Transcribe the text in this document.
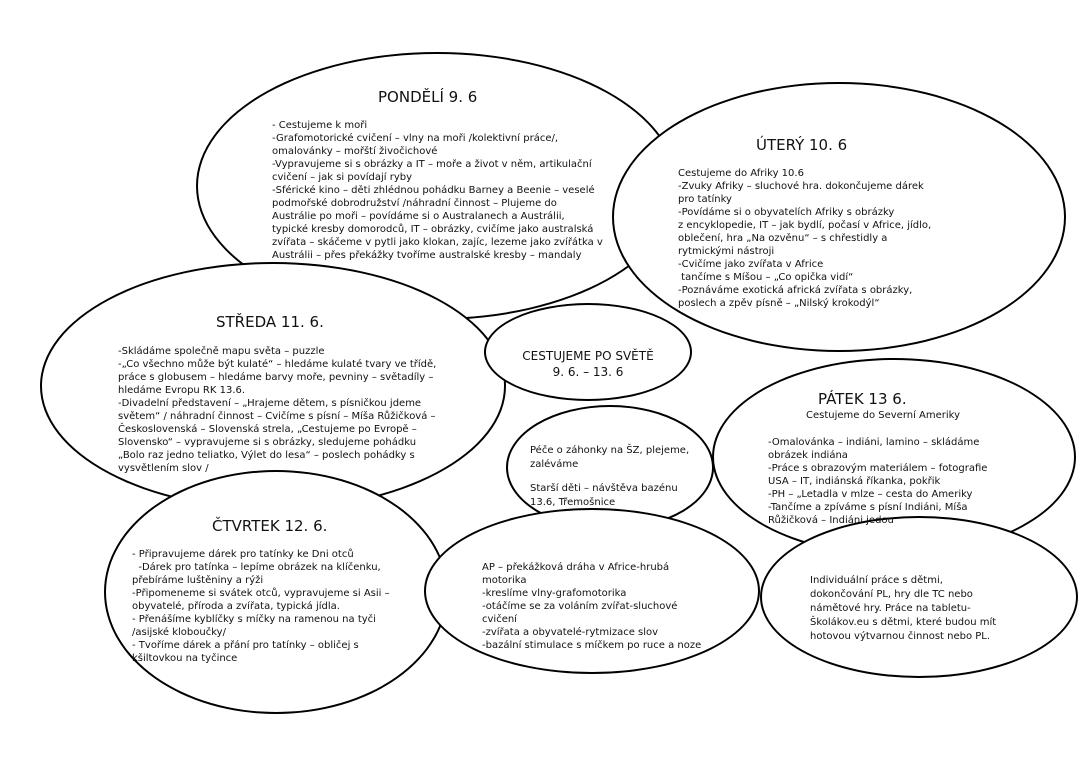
PONDĚLÍ 9. 6

- Cestujeme k moři
-Grafomotorické cvičení – vlny na moři /kolektivní práce/,
omalovánky – mořští živočichové
-Vypravujeme si s obrázky a IT – moře a život v něm, artikulační
cvičení – jak si povídají ryby
-Sférické kino – děti zhlédnou pohádku Barney a Beenie – veselé
podmořské dobrodružství /náhradní činnost – Plujeme do
Austrálie po moři – povídáme si o Australanech a Austrálii,
typické kresby domorodců, IT – obrázky, cvičíme jako australská
zvířata – skáčeme v pytli jako klokan, zajíc, lezeme jako zvířátka v
Austrálii – přes překážky tvoříme australské kresby – mandaly

ÚTERÝ 10. 6

Cestujeme do Afriky 10.6
-Zvuky Afriky – sluchové hra. dokončujeme dárek
pro tatínky
-Povídáme si o obyvatelích Afriky s obrázky
z encyklopedie, IT – jak bydlí, počasí v Africe, jídlo,
oblečení, hra „Na ozvěnu“ – s chřestidly a
rytmickými nástroji
-Cvičíme jako zvířata v Africe
tančíme s Míšou – „Co opička vidí“
-Poznáváme exotická africká zvířata s obrázky,
poslech a zpěv písně – „Nilský krokodýl“

STŘEDA 11. 6.

-Skládáme společně mapu světa – puzzle
-„Co všechno může být kulaté“ – hledáme kulaté tvary ve třídě,
práce s globusem – hledáme barvy moře, pevniny – světadíly –
hledáme Evropu RK 13.6.
-Divadelní představení – „Hrajeme dětem, s písničkou jdeme
světem“ / náhradní činnost – Cvičíme s písní – Míša Růžičková –
Československá – Slovenská strela, „Cestujeme po Evropě –
Slovensko“ – vypravujeme si s obrázky, sledujeme pohádku
„Bolo raz jedno teliatko, Výlet do lesa“ – poslech pohádky s
vysvětlením slov /

CESTUJEME PO SVĚTĚ
9. 6. – 13. 6

Péče o záhonky na ŠZ, plejeme,
zaléváme
Starší děti – návštěva bazénu
13.6, Třemošnice

PÁTEK 13 6.
Cestujeme do Severní Ameriky

-Omalovánka – indiáni, lamino – skládáme
obrázek indiána
-Práce s obrazovým materiálem – fotografie
USA – IT, indiánská říkanka, pokřik
-PH – „Letadla v mlze – cesta do Ameriky
-Tančíme a zpíváme s písní Indiáni, Míša
Růžičková – Indiáni jedou

ČTVRTEK 12. 6.

- Připravujeme dárek pro tatínky ke Dni otců
-Dárek pro tatínka – lepíme obrázek na klíčenku,
přebíráme luštěniny a rýži
-Připomeneme si svátek otců, vypravujeme si Asii –
obyvatelé, příroda a zvířata, typická jídla.
- Přenášíme kyblíčky s míčky na ramenou na tyči
/asijské kloboučky/
- Tvoříme dárek a přání pro tatínky – obličej s
kšiltovkou na tyčince

AP – překážková dráha v Africe-hrubá
motorika
-kreslíme vlny-grafomotorika
-otáčíme se za voláním zvířat-sluchové
cvičení
-zvířata a obyvatelé-rytmizace slov
-bazální stimulace s míčkem po ruce a noze

Individuální práce s dětmi,
dokončování PL, hry dle TC nebo
námětové hry. Práce na tabletu-
Školákov.eu s dětmi, které budou mít
hotovou výtvarnou činnost nebo PL.
